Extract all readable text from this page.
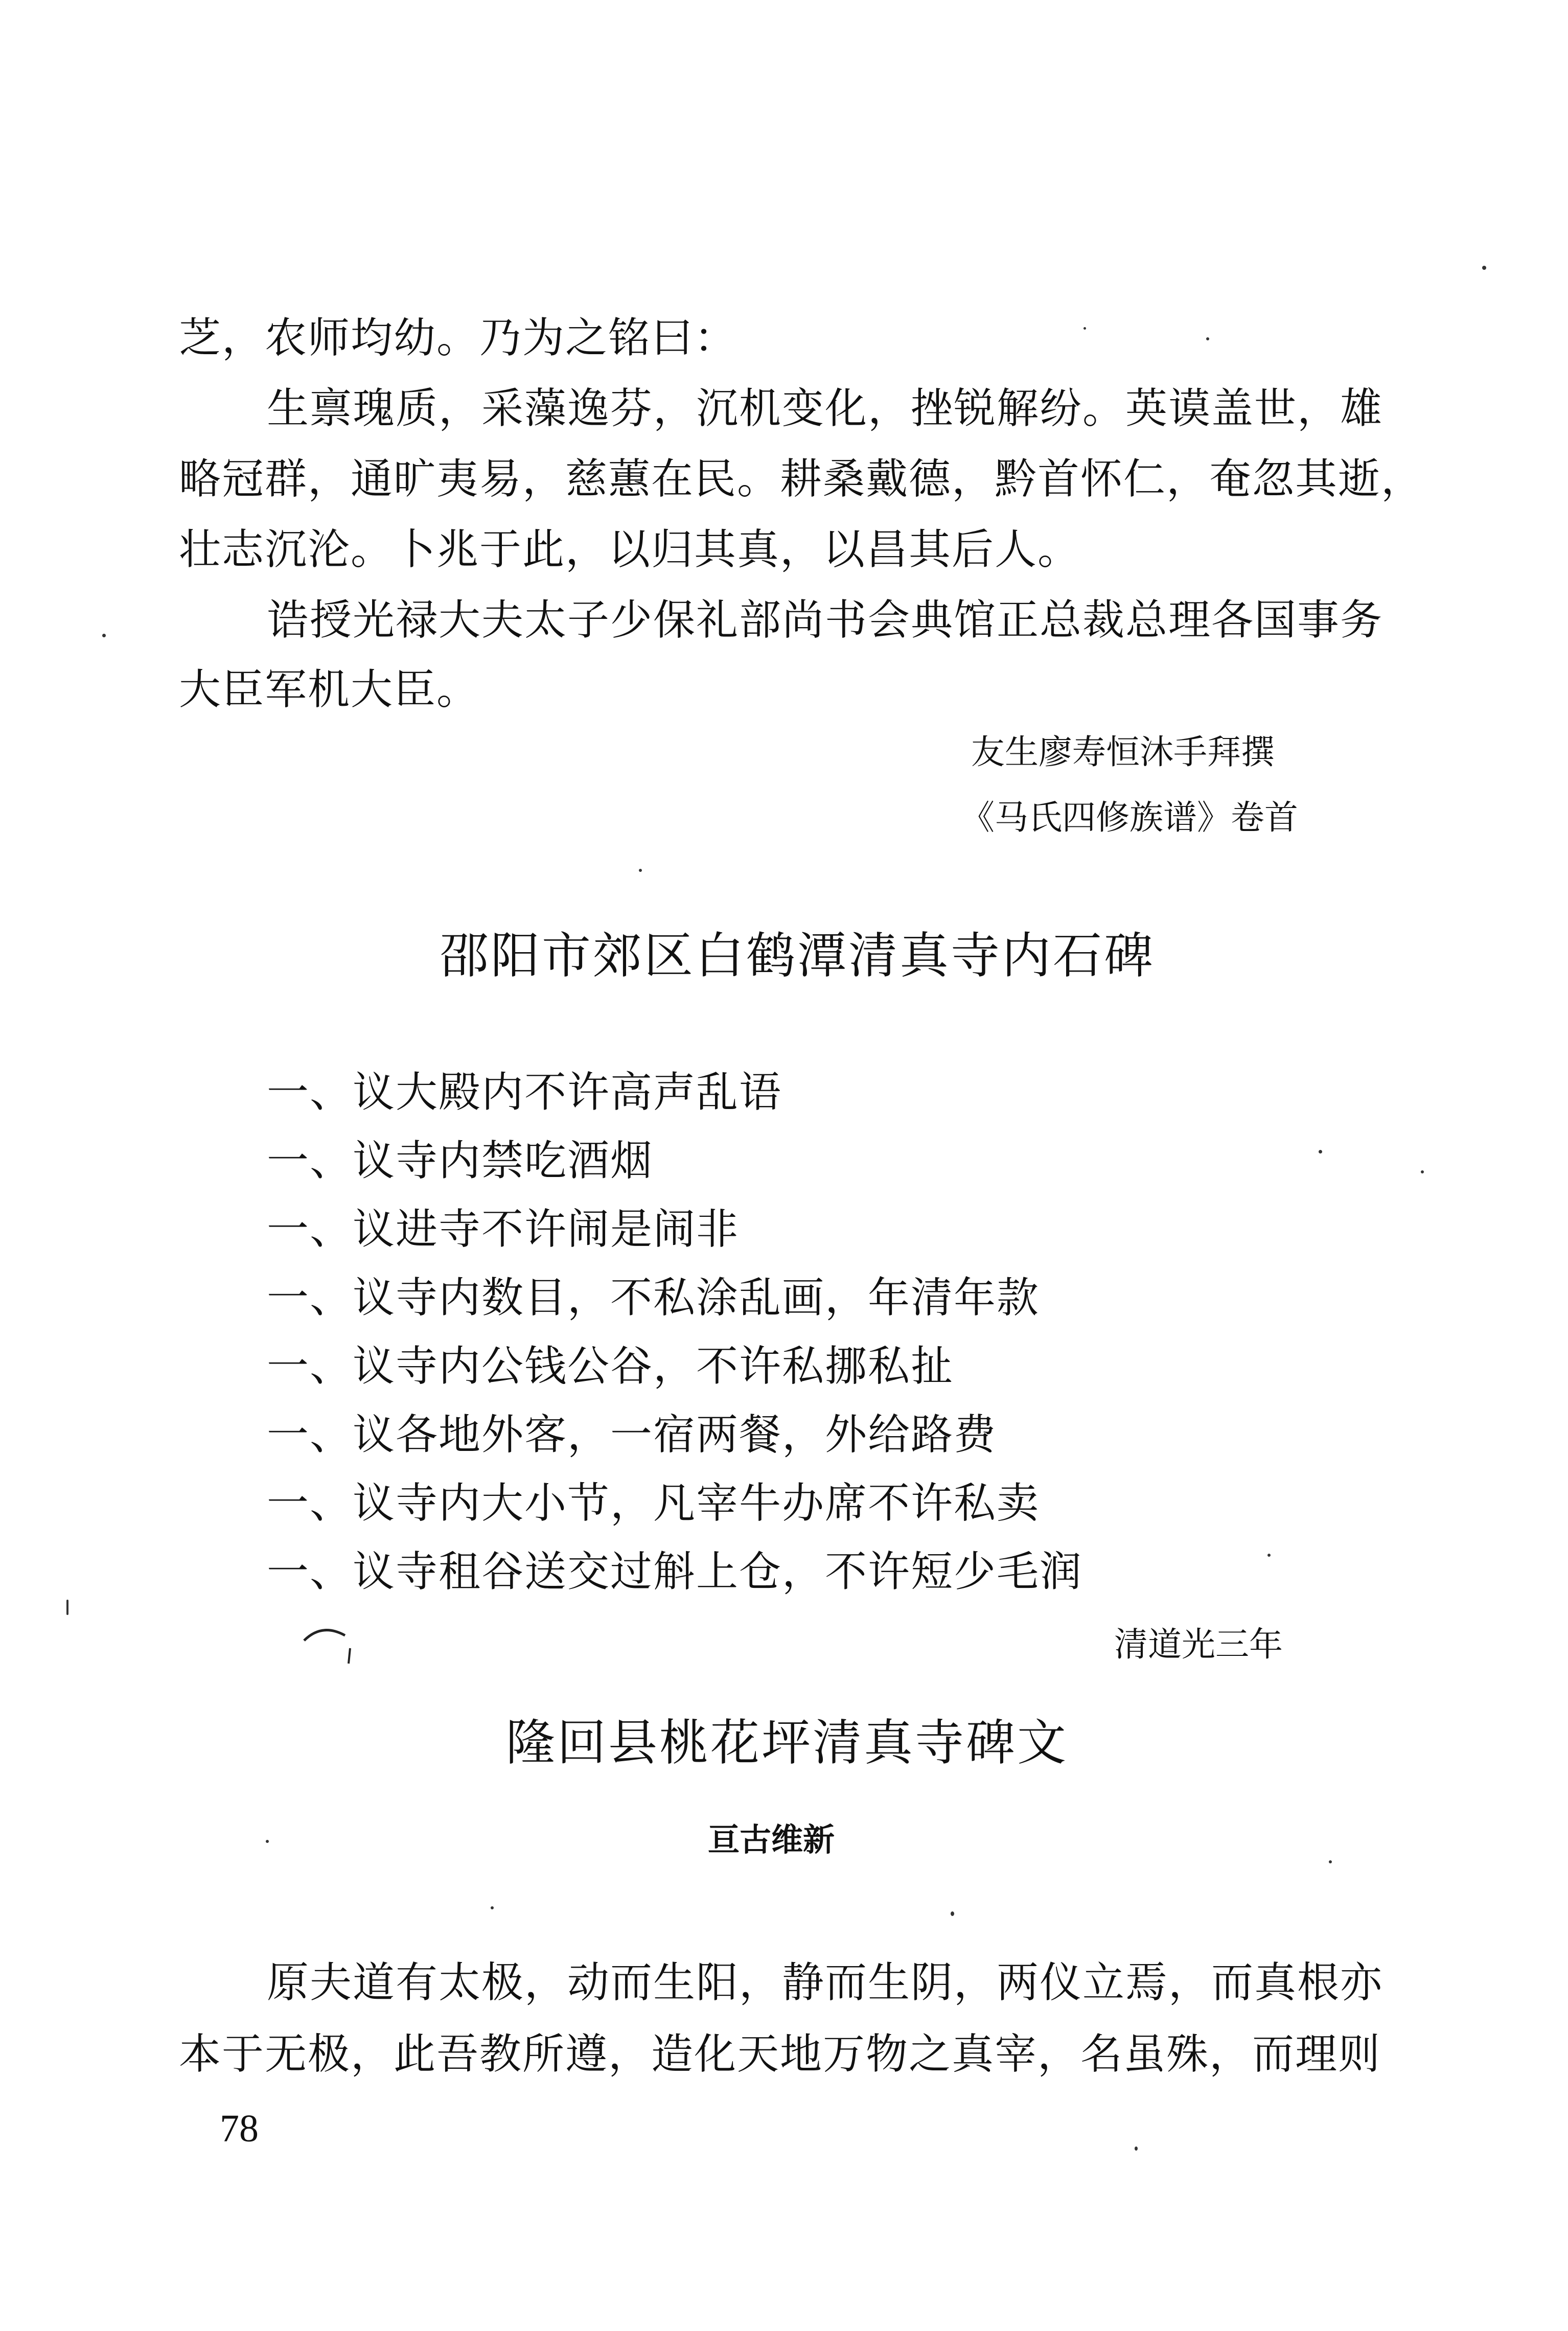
芝，农师均幼。乃为之铭曰：
生禀瑰质，采藻逸芬，沉机变化，挫锐解纷。英谟盖世，雄
略冠群，通旷夷易，慈蕙在民。耕桑戴德，黔首怀仁，奄忽其逝，
壮志沉沦。卜兆于此，以归其真，以昌其后人。
诰授光禄大夫太子少保礼部尚书会典馆正总裁总理各国事务
大臣军机大臣。
友生廖寿恒沐手拜撰
《马氏四修族谱》卷首
邵阳市郊区白鹤潭清真寺内石碑
一、议大殿内不许高声乱语
一、议寺内禁吃酒烟
一、议进寺不许闹是闹非
一、议寺内数目，不私涂乱画，年清年款
一、议寺内公钱公谷，不许私挪私扯
一、议各地外客，一宿两餐，外给路费
一、议寺内大小节，凡宰牛办席不许私卖
一、议寺租谷送交过斛上仓，不许短少毛润
清道光三年
隆回县桃花坪清真寺碑文
亘古维新
原夫道有太极，动而生阳，静而生阴，两仪立焉，而真根亦
本于无极，此吾教所遵，造化天地万物之真宰，名虽殊，而理则
78
